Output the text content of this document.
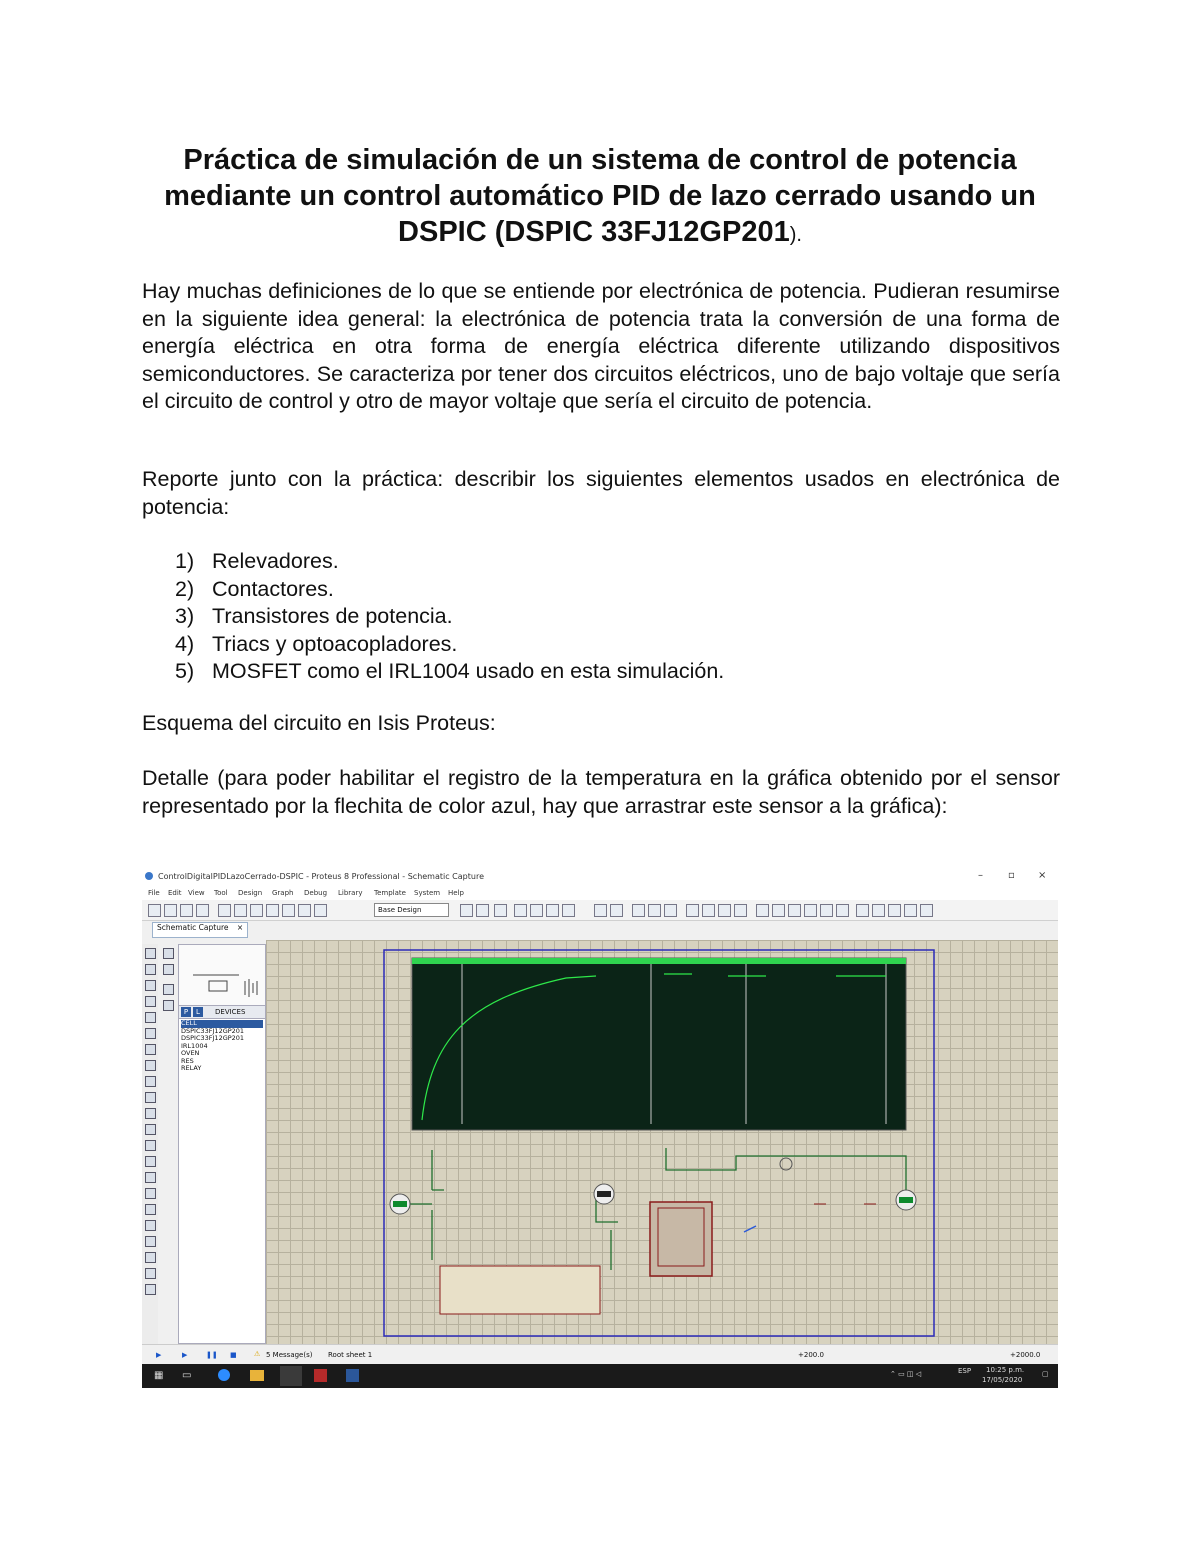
Práctica de simulación de un sistema de control de potencia mediante un control automático PID de lazo cerrado usando un DSPIC (DSPIC 33FJ12GP201).

Hay muchas definiciones de lo que se entiende por electrónica de potencia. Pudieran resumirse en la siguiente idea general: la electrónica de potencia trata la conversión de una forma de energía eléctrica en otra forma de energía eléctrica diferente utilizando dispositivos semiconductores. Se caracteriza por tener dos circuitos eléctricos, uno de bajo voltaje que sería el circuito de control y otro de mayor voltaje que sería el circuito de potencia.

Reporte junto con la práctica: describir los siguientes elementos usados en electrónica de potencia:

1) Relevadores.
2) Contactores.
3) Transistores de potencia.
4) Triacs y optoacopladores.
5) MOSFET como el IRL1004 usado en esta simulación.

Esquema del circuito en Isis Proteus:

Detalle (para poder habilitar el registro de la temperatura en la gráfica obtenido por el sensor representado por la flechita de color azul, hay que arrastrar este sensor a la gráfica):

ControlDigitalPIDLazoCerrado-DSPIC - Proteus 8 Professional - Schematic Capture	–	▫ ×
File Edit View Tool Design Graph Debug Library Template System Help
Base Design
Schematic Capture ×
P	L	DEVICES
CELL
DSPIC33FJ12GP201
DSPIC33FJ12GP201
IRL1004
OVEN
RES
RELAY
▶	▶	❚❚ ■ ⚠ 5 Message(s) Root sheet 1	+200.0	+2000.0
▦ ▭	⌃ ▭ ◫ ◁	ESP 10:25 p.m.
17/05/2020
▢
